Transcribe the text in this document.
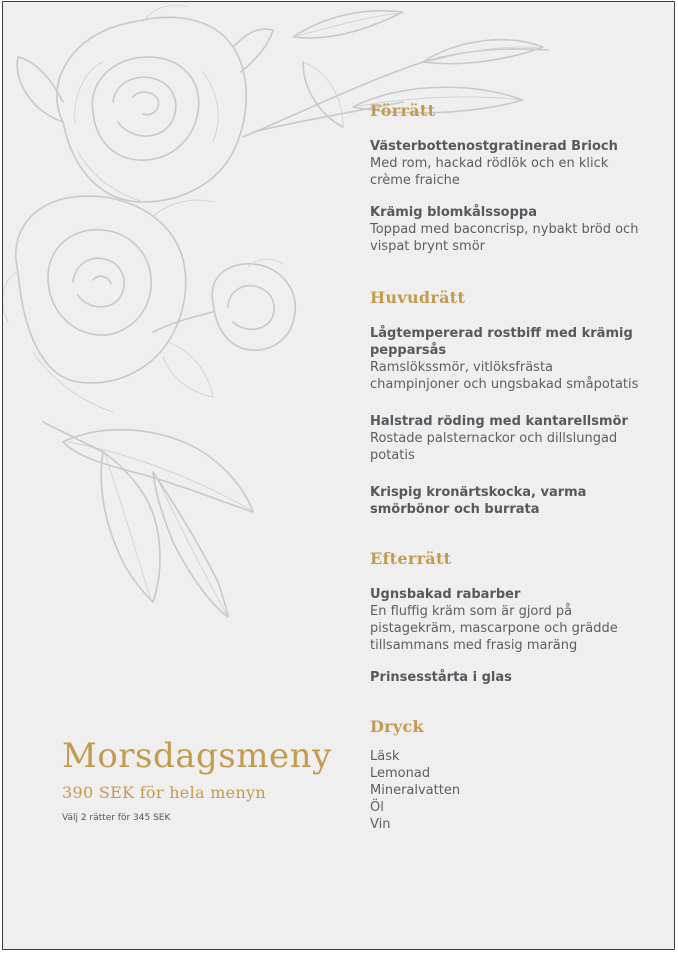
Förrätt
Västerbottenostgratinerad Brioch
Med rom, hackad rödlök och en klick crème fraiche
Krämig blomkålssoppa
Toppad med baconcrisp, nybakt bröd och vispat brynt smör
Huvudrätt
Lågtempererad rostbiff med krämig pepparsås
Ramslökssmör, vitlöksfrästa champinjoner och ungsbakad småpotatis
Halstrad röding med kantarellsmör
Rostade palsternackor och dillslungad potatis
Krispig kronärtskocka, varma smörbönor och burrata
Efterrätt
Ugnsbakad rabarber
En fluffig kräm som är gjord på pistagekräm, mascarpone och grädde tillsammans med frasig maräng
Prinsesstårta i glas
Dryck
Läsk
Lemonad
Mineralvatten
Öl
Vin
Morsdagsmeny
390 SEK för hela menyn
Välj 2 rätter för 345 SEK
